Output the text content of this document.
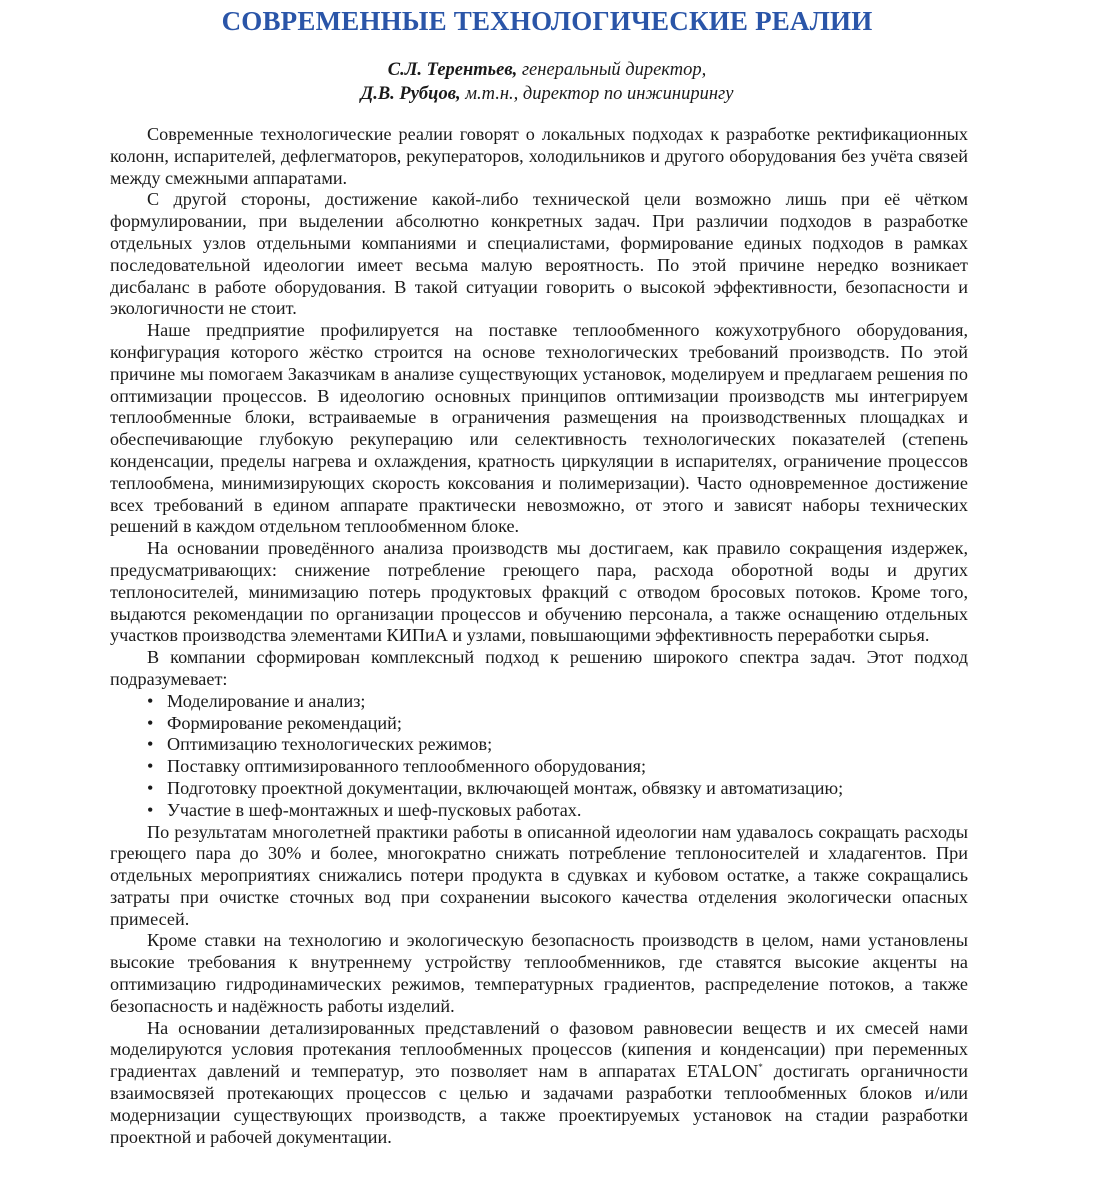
СОВРЕМЕННЫЕ ТЕХНОЛОГИЧЕСКИЕ РЕАЛИИ
С.Л. Терентьев, генеральный директор,
Д.В. Рубцов, м.т.н., директор по инжинирингу

Современные технологические реалии говорят о локальных подходах к разработке ректификационных колонн, испарителей, дефлегматоров, рекуператоров, холодильников и другого оборудования без учёта связей между смежными аппаратами.

С другой стороны, достижение какой-либо технической цели возможно лишь при её чётком формулировании, при выделении абсолютно конкретных задач. При различии подходов в разработке отдельных узлов отдельными компаниями и специалистами, формирование единых подходов в рамках последовательной идеологии имеет весьма малую вероятность. По этой причине нередко возникает дисбаланс в работе оборудования. В такой ситуации говорить о высокой эффективности, безопасности и экологичности не стоит.

Наше предприятие профилируется на поставке теплообменного кожухотрубного оборудования, конфигурация которого жёстко строится на основе технологических требований производств. По этой причине мы помогаем Заказчикам в анализе существующих установок, моделируем и предлагаем решения по оптимизации процессов. В идеологию основных принципов оптимизации производств мы интегрируем теплообменные блоки, встраиваемые в ограничения размещения на производственных площадках и обеспечивающие глубокую рекуперацию или селективность технологических показателей (степень конденсации, пределы нагрева и охлаждения, кратность циркуляции в испарителях, ограничение процессов теплообмена, минимизирующих скорость коксования и полимеризации). Часто одновременное достижение всех требований в едином аппарате практически невозможно, от этого и зависят наборы технических решений в каждом отдельном теплообменном блоке.

На основании проведённого анализа производств мы достигаем, как правило сокращения издержек, предусматривающих: снижение потребление греющего пара, расхода оборотной воды и других теплоносителей, минимизацию потерь продуктовых фракций с отводом бросовых потоков. Кроме того, выдаются рекомендации по организации процессов и обучению персонала, а также оснащению отдельных участков производства элементами КИПиА и узлами, повышающими эффективность переработки сырья.

В компании сформирован комплексный подход к решению широкого спектра задач. Этот подход подразумевает:

• Моделирование и анализ;
• Формирование рекомендаций;
• Оптимизацию технологических режимов;
• Поставку оптимизированного теплообменного оборудования;
• Подготовку проектной документации, включающей монтаж, обвязку и автоматизацию;
• Участие в шеф-монтажных и шеф-пусковых работах.

По результатам многолетней практики работы в описанной идеологии нам удавалось сокращать расходы греющего пара до 30% и более, многократно снижать потребление теплоносителей и хладагентов. При отдельных мероприятиях снижались потери продукта в сдувках и кубовом остатке, а также сокращались затраты при очистке сточных вод при сохранении высокого качества отделения экологически опасных примесей.

Кроме ставки на технологию и экологическую безопасность производств в целом, нами установлены высокие требования к внутреннему устройству теплообменников, где ставятся высокие акценты на оптимизацию гидродинамических режимов, температурных градиентов, распределение потоков, а также безопасность и надёжность работы изделий.

На основании детализированных представлений о фазовом равновесии веществ и их смесей нами моделируются условия протекания теплообменных процессов (кипения и конденсации) при переменных градиентах давлений и температур, это позволяет нам в аппаратах ETALON* достигать органичности взаимосвязей протекающих процессов с целью и задачами разработки теплообменных блоков и/или модернизации существующих производств, а также проектируемых установок на стадии разработки проектной и рабочей документации.
